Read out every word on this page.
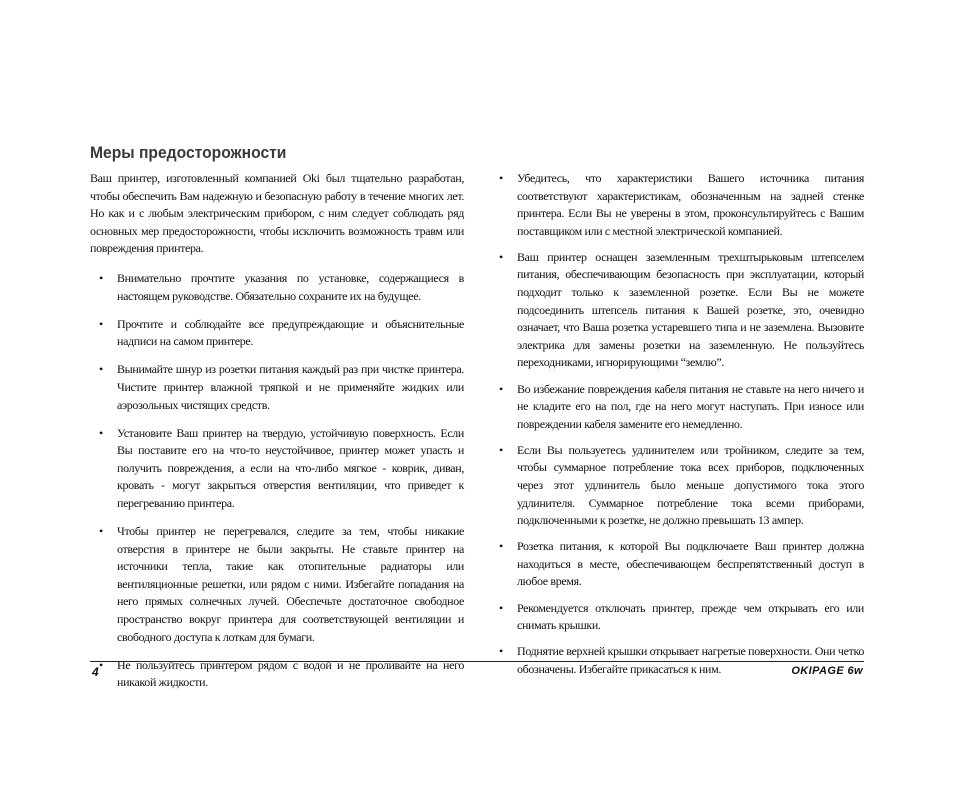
Меры предосторожности

Ваш принтер, изготовленный компанией Oki был тщательно разработан, чтобы обеспечить Вам надежную и безопасную работу в течение многих лет. Но как и с любым электрическим прибором, с ним следует соблюдать ряд основных мер предосторожности, чтобы исключить возможность травм или повреждения принтера.

• Внимательно прочтите указания по установке, содержащиеся в настоящем руководстве. Обязательно сохраните их на будущее.
• Прочтите и соблюдайте все предупреждающие и объяснительные надписи на самом принтере.
• Вынимайте шнур из розетки питания каждый раз при чистке принтера. Чистите принтер влажной тряпкой и не применяйте жидких или аэрозольных чистящих средств.
• Установите Ваш принтер на твердую, устойчивую поверхность. Если Вы поставите его на что-то неустойчивое, принтер может упасть и получить повреждения, а если на что-либо мягкое - коврик, диван, кровать - могут закрыться отверстия вентиляции, что приведет к перегреванию принтера.
• Чтобы принтер не перегревался, следите за тем, чтобы никакие отверстия в принтере не были закрыты. Не ставьте принтер на источники тепла, такие как отопительные радиаторы или вентиляционные решетки, или рядом с ними. Избегайте попадания на него прямых солнечных лучей. Обеспечьте достаточное свободное пространство вокруг принтера для соответствующей вентиляции и свободного доступа к лоткам для бумаги.
• Не пользуйтесь принтером рядом с водой и не проливайте на него никакой жидкости.
• Убедитесь, что характеристики Вашего источника питания соответствуют характеристикам, обозначенным на задней стенке принтера. Если Вы не уверены в этом, проконсультируйтесь с Вашим поставщиком или с местной электрической компанией.
• Ваш принтер оснащен заземленным трехштырьковым штепселем питания, обеспечивающим безопасность при эксплуатации, который подходит только к заземленной розетке. Если Вы не можете подсоединить штепсель питания к Вашей розетке, это, очевидно означает, что Ваша розетка устаревшего типа и не заземлена. Вызовите электрика для замены розетки на заземленную. Не пользуйтесь переходниками, игнорирующими “землю”.
• Во избежание повреждения кабеля питания не ставьте на него ничего и не кладите его на пол, где на него могут наступать. При износе или повреждении кабеля замените его немедленно.
• Если Вы пользуетесь удлинителем или тройником, следите за тем, чтобы суммарное потребление тока всех приборов, подключенных через этот удлинитель было меньше допустимого тока этого удлинителя. Суммарное потребление тока всеми приборами, подключенными к розетке, не должно превышать 13 ампер.
• Розетка питания, к которой Вы подключаете Ваш принтер должна находиться в месте, обеспечивающем беспрепятственный доступ в любое время.
• Рекомендуется отключать принтер, прежде чем открывать его или снимать крышки.
• Поднятие верхней крышки открывает нагретые поверхности. Они четко обозначены. Избегайте прикасаться к ним.
4	OKIPAGE 6w
